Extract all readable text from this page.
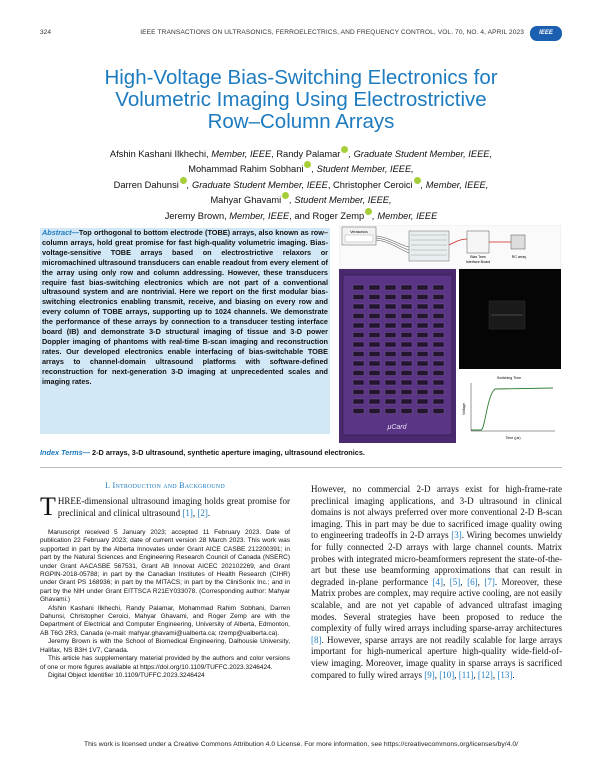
324	IEEE TRANSACTIONS ON ULTRASONICS, FERROELECTRICS, AND FREQUENCY CONTROL, VOL. 70, NO. 4, APRIL 2023	IEEE
High-Voltage Bias-Switching Electronics for
Volumetric Imaging Using Electrostrictive
Row–Column Arrays
Afshin Kashani Ilkhechi, Member, IEEE, Randy Palamar , Graduate Student Member, IEEE,
Mohammad Rahim Sobhani , Student Member, IEEE,
Darren Dahunsi , Graduate Student Member, IEEE, Christopher Ceroici , Member, IEEE,
Mahyar Ghavami , Student Member, IEEE,
Jeremy Brown, Member, IEEE, and Roger Zemp , Member, IEEE

Abstract—Top orthogonal to bottom electrode (TOBE) arrays, also known as row–column arrays, hold great promise for fast high-quality volumetric imaging. Bias-voltage-sensitive TOBE arrays based on electrostrictive relaxors or micromachined ultrasound transducers can enable readout from every element of the array using only row and column addressing. However, these transducers require fast bias-switching electronics which are not part of a conventional ultrasound system and are nontrivial. Here we report on the first modular bias-switching electronics enabling transmit, receive, and biasing on every row and every column of TOBE arrays, supporting up to 1024 channels. We demonstrate the performance of these arrays by connection to a transducer testing interface board (IB) and demonstrate 3-D structural imaging of tissue and 3-D power Doppler imaging of phantoms with real-time B-scan imaging and reconstruction rates. Our developed electronics enable interfacing of bias-switchable TOBE arrays to channel-domain ultrasound platforms with software-defined reconstruction for next-generation 3-D imaging at unprecedented scales and imaging rates.

Verasonics
Bias Tees
Interface Board
RC array
μCard
Switching Time
Time (μs)
Voltage
Index Terms— 2-D arrays, 3-D ultrasound, synthetic aperture imaging, ultrasound electronics.
I. Introduction and Background

THREE-dimensional ultrasound imaging holds great promise for preclinical and clinical ultrasound [1], [2].

Manuscript received 5 January 2023; accepted 11 February 2023. Date of publication 22 February 2023; date of current version 28 March 2023. This work was supported in part by the Alberta Innovates under Grant AICE CASBE 212200391; in part by the Natural Sciences and Engineering Research Council of Canada (NSERC) under Grant AACASBE 567531, Grant AB Innovat AICEC 202102269, and Grant RGPIN-2018-05788; in part by the Canadian Institutes of Health Research (CIHR) under Grant PS 168936; in part by the MITACS; in part by the CliniSonix Inc.; and in part by the NIH under Grant EITTSCA R21EY033078. (Corresponding author: Mahyar Ghavami.)

Afshin Kashani Ilkhechi, Randy Palamar, Mohammad Rahim Sobhani, Darren Dahunsi, Christopher Ceroici, Mahyar Ghavami, and Roger Zemp are with the Department of Electrical and Computer Engineering, University of Alberta, Edmonton, AB T6G 2R3, Canada (e-mail: mahyar.ghavami@ualberta.ca; rzemp@ualberta.ca).

Jeremy Brown is with the School of Biomedical Engineering, Dalhousie University, Halifax, NS B3H 1V7, Canada.

This article has supplementary material provided by the authors and color versions of one or more figures available at https://doi.org/10.1109/TUFFC.2023.3246424.

Digital Object Identifier 10.1109/TUFFC.2023.3246424

However, no commercial 2-D arrays exist for high-frame-rate preclinical imaging applications, and 3-D ultrasound in clinical domains is not always preferred over more conventional 2-D B-scan imaging. This in part may be due to sacrificed image quality owing to engineering tradeoffs in 2-D arrays [3]. Wiring becomes unwieldy for fully connected 2-D arrays with large channel counts. Matrix probes with integrated micro-beamformers represent the state-of-the-art but these use beamforming approximations that can result in degraded in-plane performance [4], [5], [6], [7]. Moreover, these Matrix probes are complex, may require active cooling, are not easily scalable, and are not yet capable of advanced ultrafast imaging modes. Several strategies have been proposed to reduce the complexity of fully wired arrays including sparse-array architectures [8]. However, sparse arrays are not readily scalable for large arrays important for high-numerical aperture high-quality wide-field-of-view imaging. Moreover, image quality in sparse arrays is sacrificed compared to fully wired arrays [9], [10], [11], [12], [13].

This work is licensed under a Creative Commons Attribution 4.0 License. For more information, see https://creativecommons.org/licenses/by/4.0/
